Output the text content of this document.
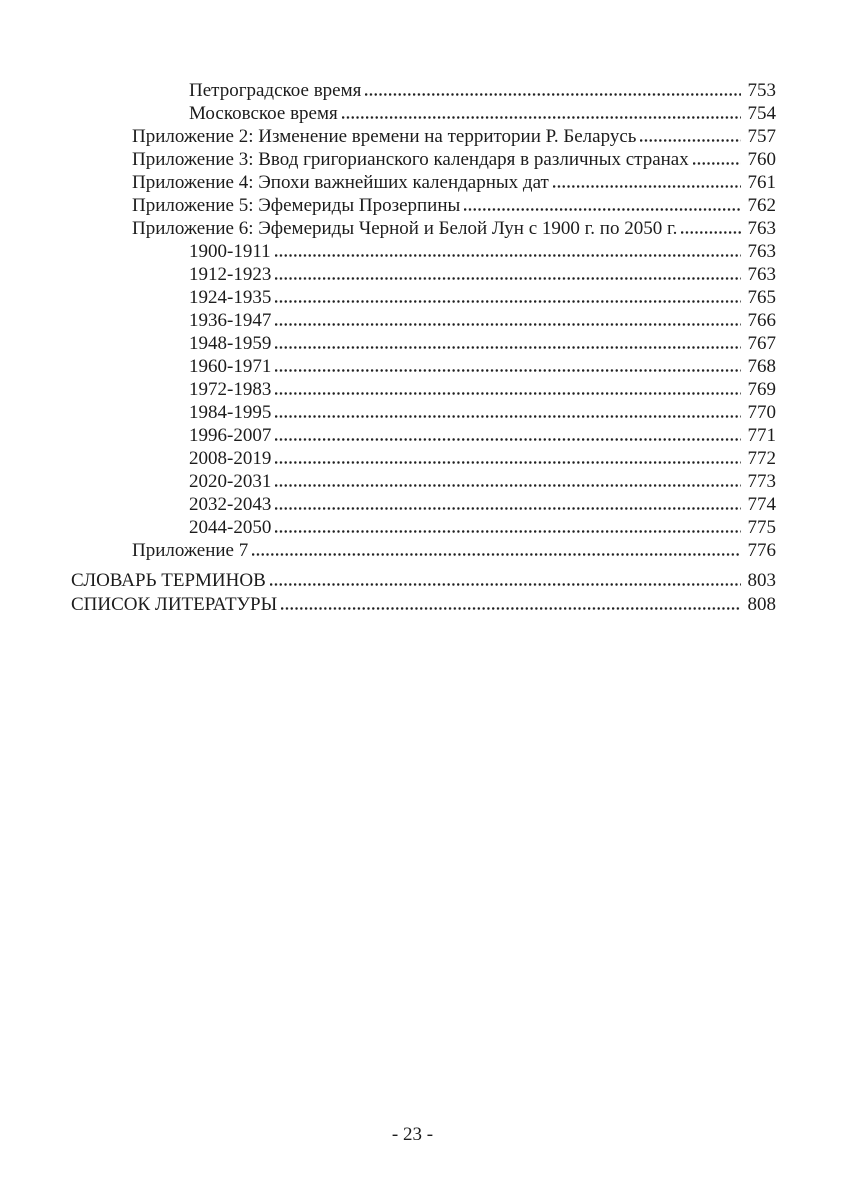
Петроградское время	753
Московское время	754
Приложение 2: Изменение времени на территории Р. Беларусь	757
Приложение 3: Ввод григорианского календаря в различных странах	760
Приложение 4: Эпохи важнейших календарных дат	761
Приложение 5: Эфемериды Прозерпины	762
Приложение 6: Эфемериды Черной и Белой Лун с 1900 г. по 2050 г.	763
1900-1911	763
1912-1923	763
1924-1935	765
1936-1947	766
1948-1959	767
1960-1971	768
1972-1983	769
1984-1995	770
1996-2007	771
2008-2019	772
2020-2031	773
2032-2043	774
2044-2050	775
Приложение 7	776
СЛОВАРЬ ТЕРМИНОВ	803
СПИСОК ЛИТЕРАТУРЫ	808
- 23 -
